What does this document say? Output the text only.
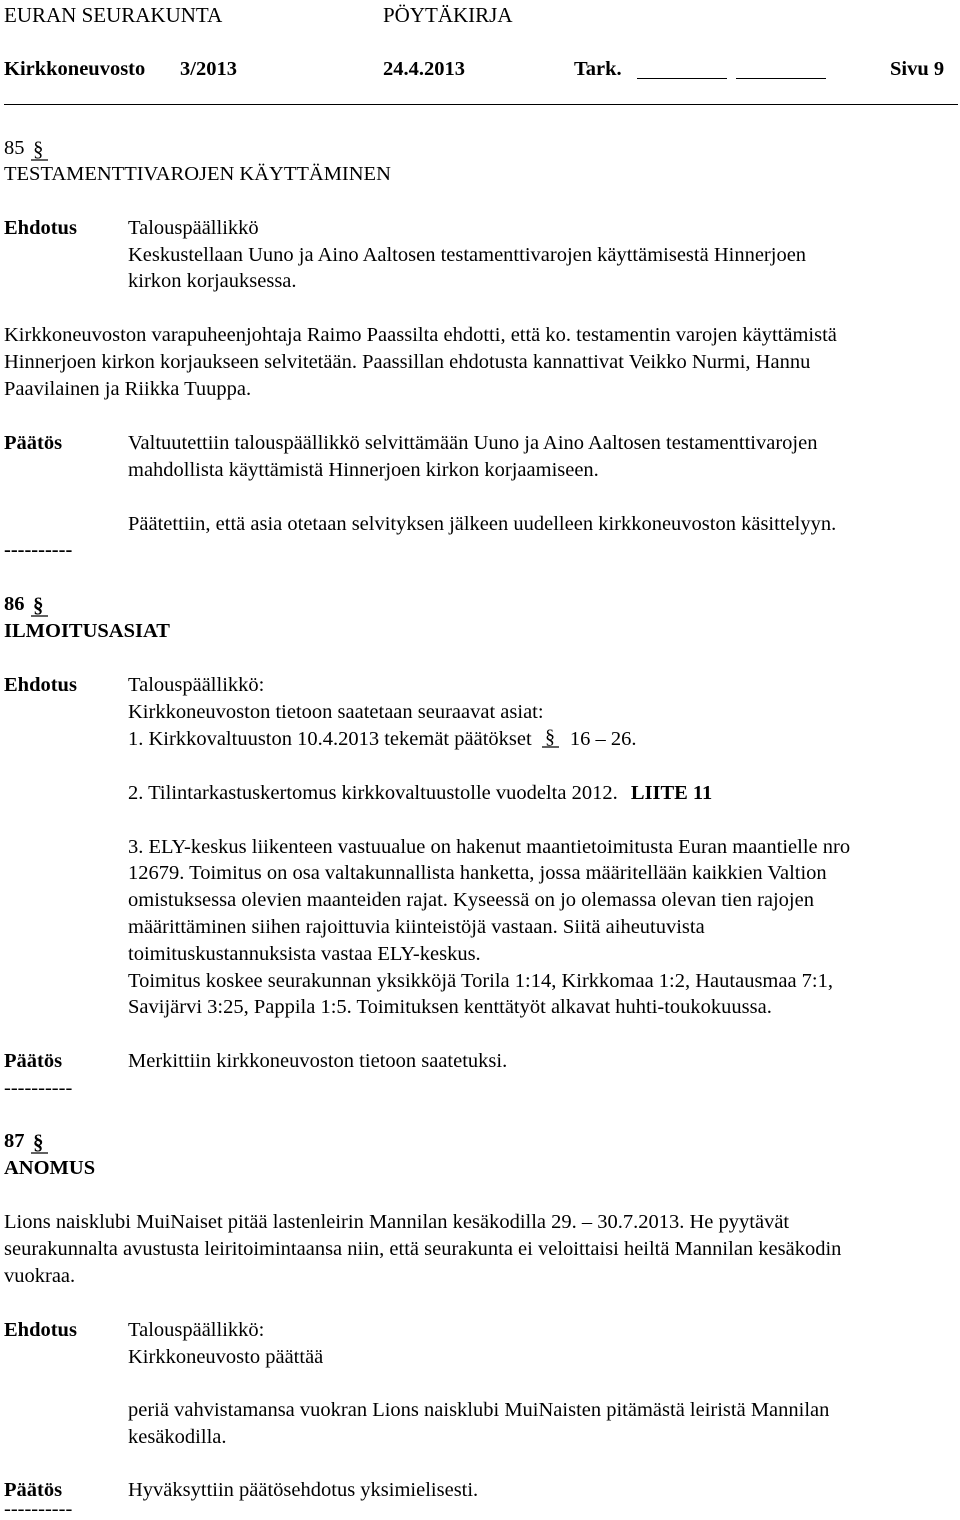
EURAN SEURAKUNTA	PÖYTÄKIRJA
Kirkkoneuvosto 3/2013	24.4.2013	Tark.	Sivu 9
85 §
TESTAMENTTIVAROJEN KÄYTTÄMINEN
Ehdotus Talouspäällikkö
Keskustellaan Uuno ja Aino Aaltosen testamenttivarojen käyttämisestä Hinnerjoen
kirkon korjauksessa.
Kirkkoneuvoston varapuheenjohtaja Raimo Paassilta ehdotti, että ko. testamentin varojen käyttämistä
Hinnerjoen kirkon korjaukseen selvitetään. Paassillan ehdotusta kannattivat Veikko Nurmi, Hannu
Paavilainen ja Riikka Tuuppa.
Päätös	Valtuutettiin talouspäällikkö selvittämään Uuno ja Aino Aaltosen testamenttivarojen
mahdollista käyttämistä Hinnerjoen kirkon korjaamiseen.
Päätettiin, että asia otetaan selvityksen jälkeen uudelleen kirkkoneuvoston käsittelyyn.
----------
86 §
ILMOITUSASIAT
Ehdotus Talouspäällikkö:
Kirkkoneuvoston tietoon saatetaan seuraavat asiat:
1. Kirkkovaltuuston 10.4.2013 tekemät päätökset § 16 – 26.
2. Tilintarkastuskertomus kirkkovaltuustolle vuodelta 2012. LIITE 11
3. ELY-keskus liikenteen vastuualue on hakenut maantietoimitusta Euran maantielle nro
12679. Toimitus on osa valtakunnallista hanketta, jossa määritellään kaikkien Valtion
omistuksessa olevien maanteiden rajat. Kyseessä on jo olemassa olevan tien rajojen
määrittäminen siihen rajoittuvia kiinteistöjä vastaan. Siitä aiheutuvista
toimituskustannuksista vastaa ELY-keskus.
Toimitus koskee seurakunnan yksikköjä Torila 1:14, Kirkkomaa 1:2, Hautausmaa 7:1,
Savijärvi 3:25, Pappila 1:5. Toimituksen kenttätyöt alkavat huhti-toukokuussa.
Päätös	Merkittiin kirkkoneuvoston tietoon saatetuksi.
----------
87 §
ANOMUS
Lions naisklubi MuiNaiset pitää lastenleirin Mannilan kesäkodilla 29. – 30.7.2013. He pyytävät
seurakunnalta avustusta leiritoimintaansa niin, että seurakunta ei veloittaisi heiltä Mannilan kesäkodin
vuokraa.
Ehdotus Talouspäällikkö:
Kirkkoneuvosto päättää
periä vahvistamansa vuokran Lions naisklubi MuiNaisten pitämästä leiristä Mannilan
kesäkodilla.
Päätös	Hyväksyttiin päätösehdotus yksimielisesti.
----------
